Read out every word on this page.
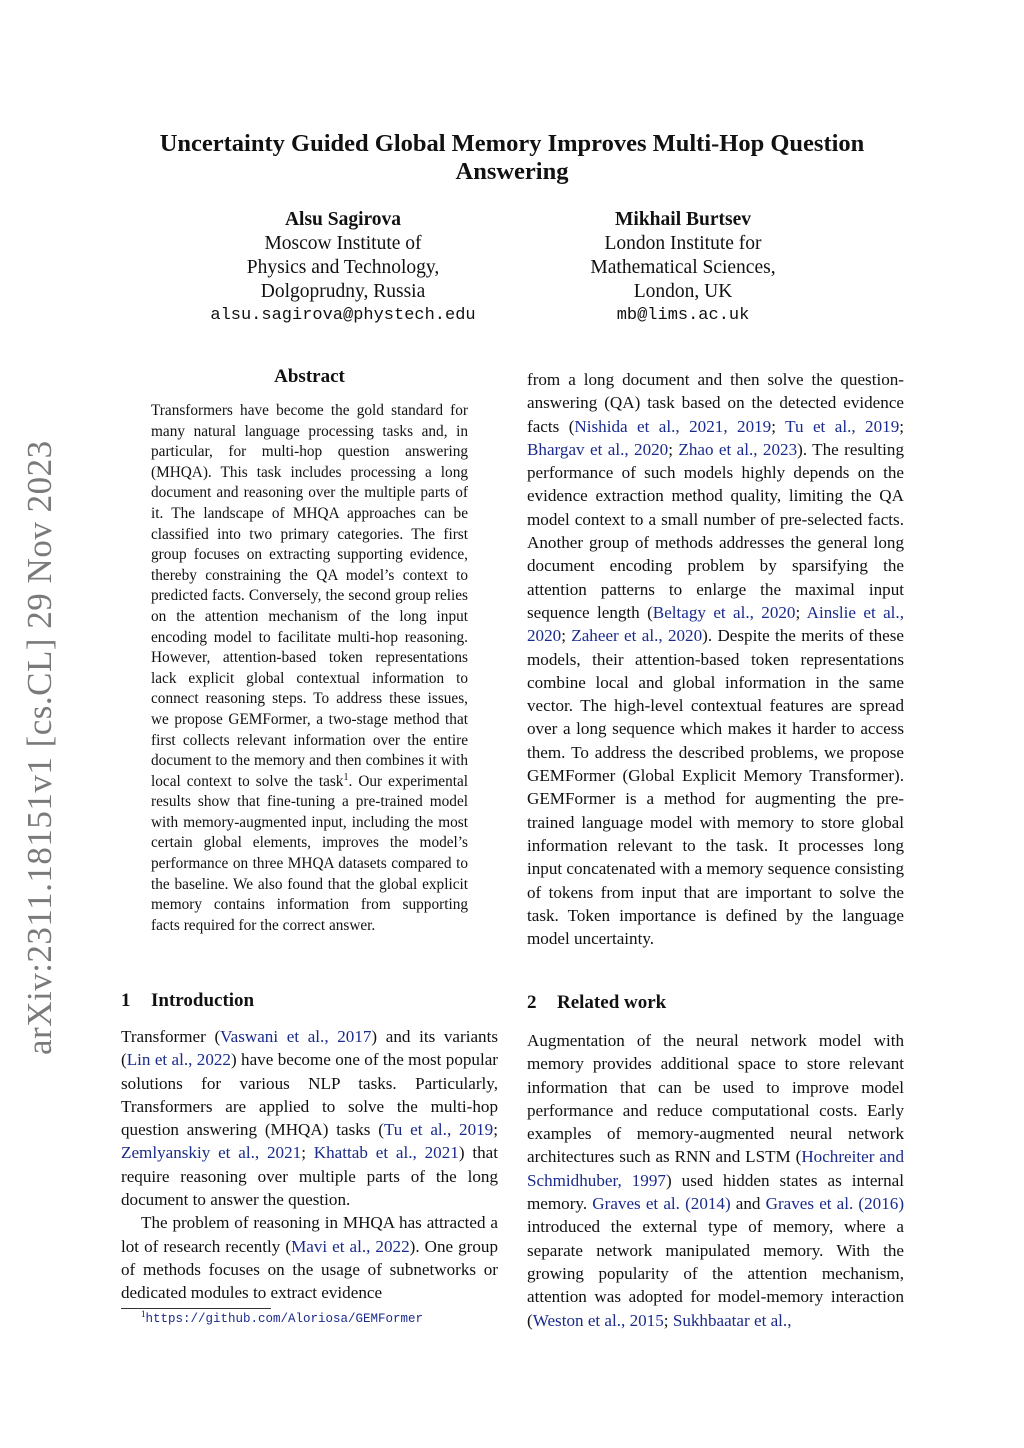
arXiv:2311.18151v1 [cs.CL] 29 Nov 2023
Uncertainty Guided Global Memory Improves Multi-Hop Question Answering
Alsu Sagirova
Moscow Institute of
Physics and Technology,
Dolgoprudny, Russia
alsu.sagirova@phystech.edu
Mikhail Burtsev
London Institute for
Mathematical Sciences,
London, UK
mb@lims.ac.uk
Abstract
Transformers have become the gold standard for many natural language processing tasks and, in particular, for multi-hop question answering (MHQA). This task includes processing a long document and reasoning over the multiple parts of it. The landscape of MHQA approaches can be classified into two primary categories. The first group focuses on extracting supporting evidence, thereby constraining the QA model’s context to predicted facts. Conversely, the second group relies on the attention mechanism of the long input encoding model to facilitate multi-hop reasoning. However, attention-based token representations lack explicit global contextual information to connect reasoning steps. To address these issues, we propose GEMFormer, a two-stage method that first collects relevant information over the entire document to the memory and then combines it with local context to solve the task$^1$. Our experimental results show that fine-tuning a pre-trained model with memory-augmented input, including the most certain global elements, improves the model’s performance on three MHQA datasets compared to the baseline. We also found that the global explicit memory contains information from supporting facts required for the correct answer.
1 Introduction

Transformer (Vaswani et al., 2017) and its variants (Lin et al., 2022) have become one of the most popular solutions for various NLP tasks. Particularly, Transformers are applied to solve the multi-hop question answering (MHQA) tasks (Tu et al., 2019; Zemlyanskiy et al., 2021; Khattab et al., 2021) that require reasoning over multiple parts of the long document to answer the question.

The problem of reasoning in MHQA has attracted a lot of research recently (Mavi et al., 2022). One group of methods focuses on the usage of subnetworks or dedicated modules to extract evidence

from a long document and then solve the question-answering (QA) task based on the detected evidence facts (Nishida et al., 2021, 2019; Tu et al., 2019; Bhargav et al., 2020; Zhao et al., 2023). The resulting performance of such models highly depends on the evidence extraction method quality, limiting the QA model context to a small number of pre-selected facts. Another group of methods addresses the general long document encoding problem by sparsifying the attention patterns to enlarge the maximal input sequence length (Beltagy et al., 2020; Ainslie et al., 2020; Zaheer et al., 2020). Despite the merits of these models, their attention-based token representations combine local and global information in the same vector. The high-level contextual features are spread over a long sequence which makes it harder to access them. To address the described problems, we propose GEMFormer (Global Explicit Memory Transformer). GEMFormer is a method for augmenting the pre-trained language model with memory to store global information relevant to the task. It processes long input concatenated with a memory sequence consisting of tokens from input that are important to solve the task. Token importance is defined by the language model uncertainty.
2 Related work
Augmentation of the neural network model with memory provides additional space to store relevant information that can be used to improve model performance and reduce computational costs. Early examples of memory-augmented neural network architectures such as RNN and LSTM (Hochreiter and Schmidhuber, 1997) used hidden states as internal memory. Graves et al. (2014) and Graves et al. (2016) introduced the external type of memory, where a separate network manipulated memory. With the growing popularity of the attention mechanism, attention was adopted for model-memory interaction (Weston et al., 2015; Sukhbaatar et al.,
$^1$https://github.com/Aloriosa/GEMFormer
